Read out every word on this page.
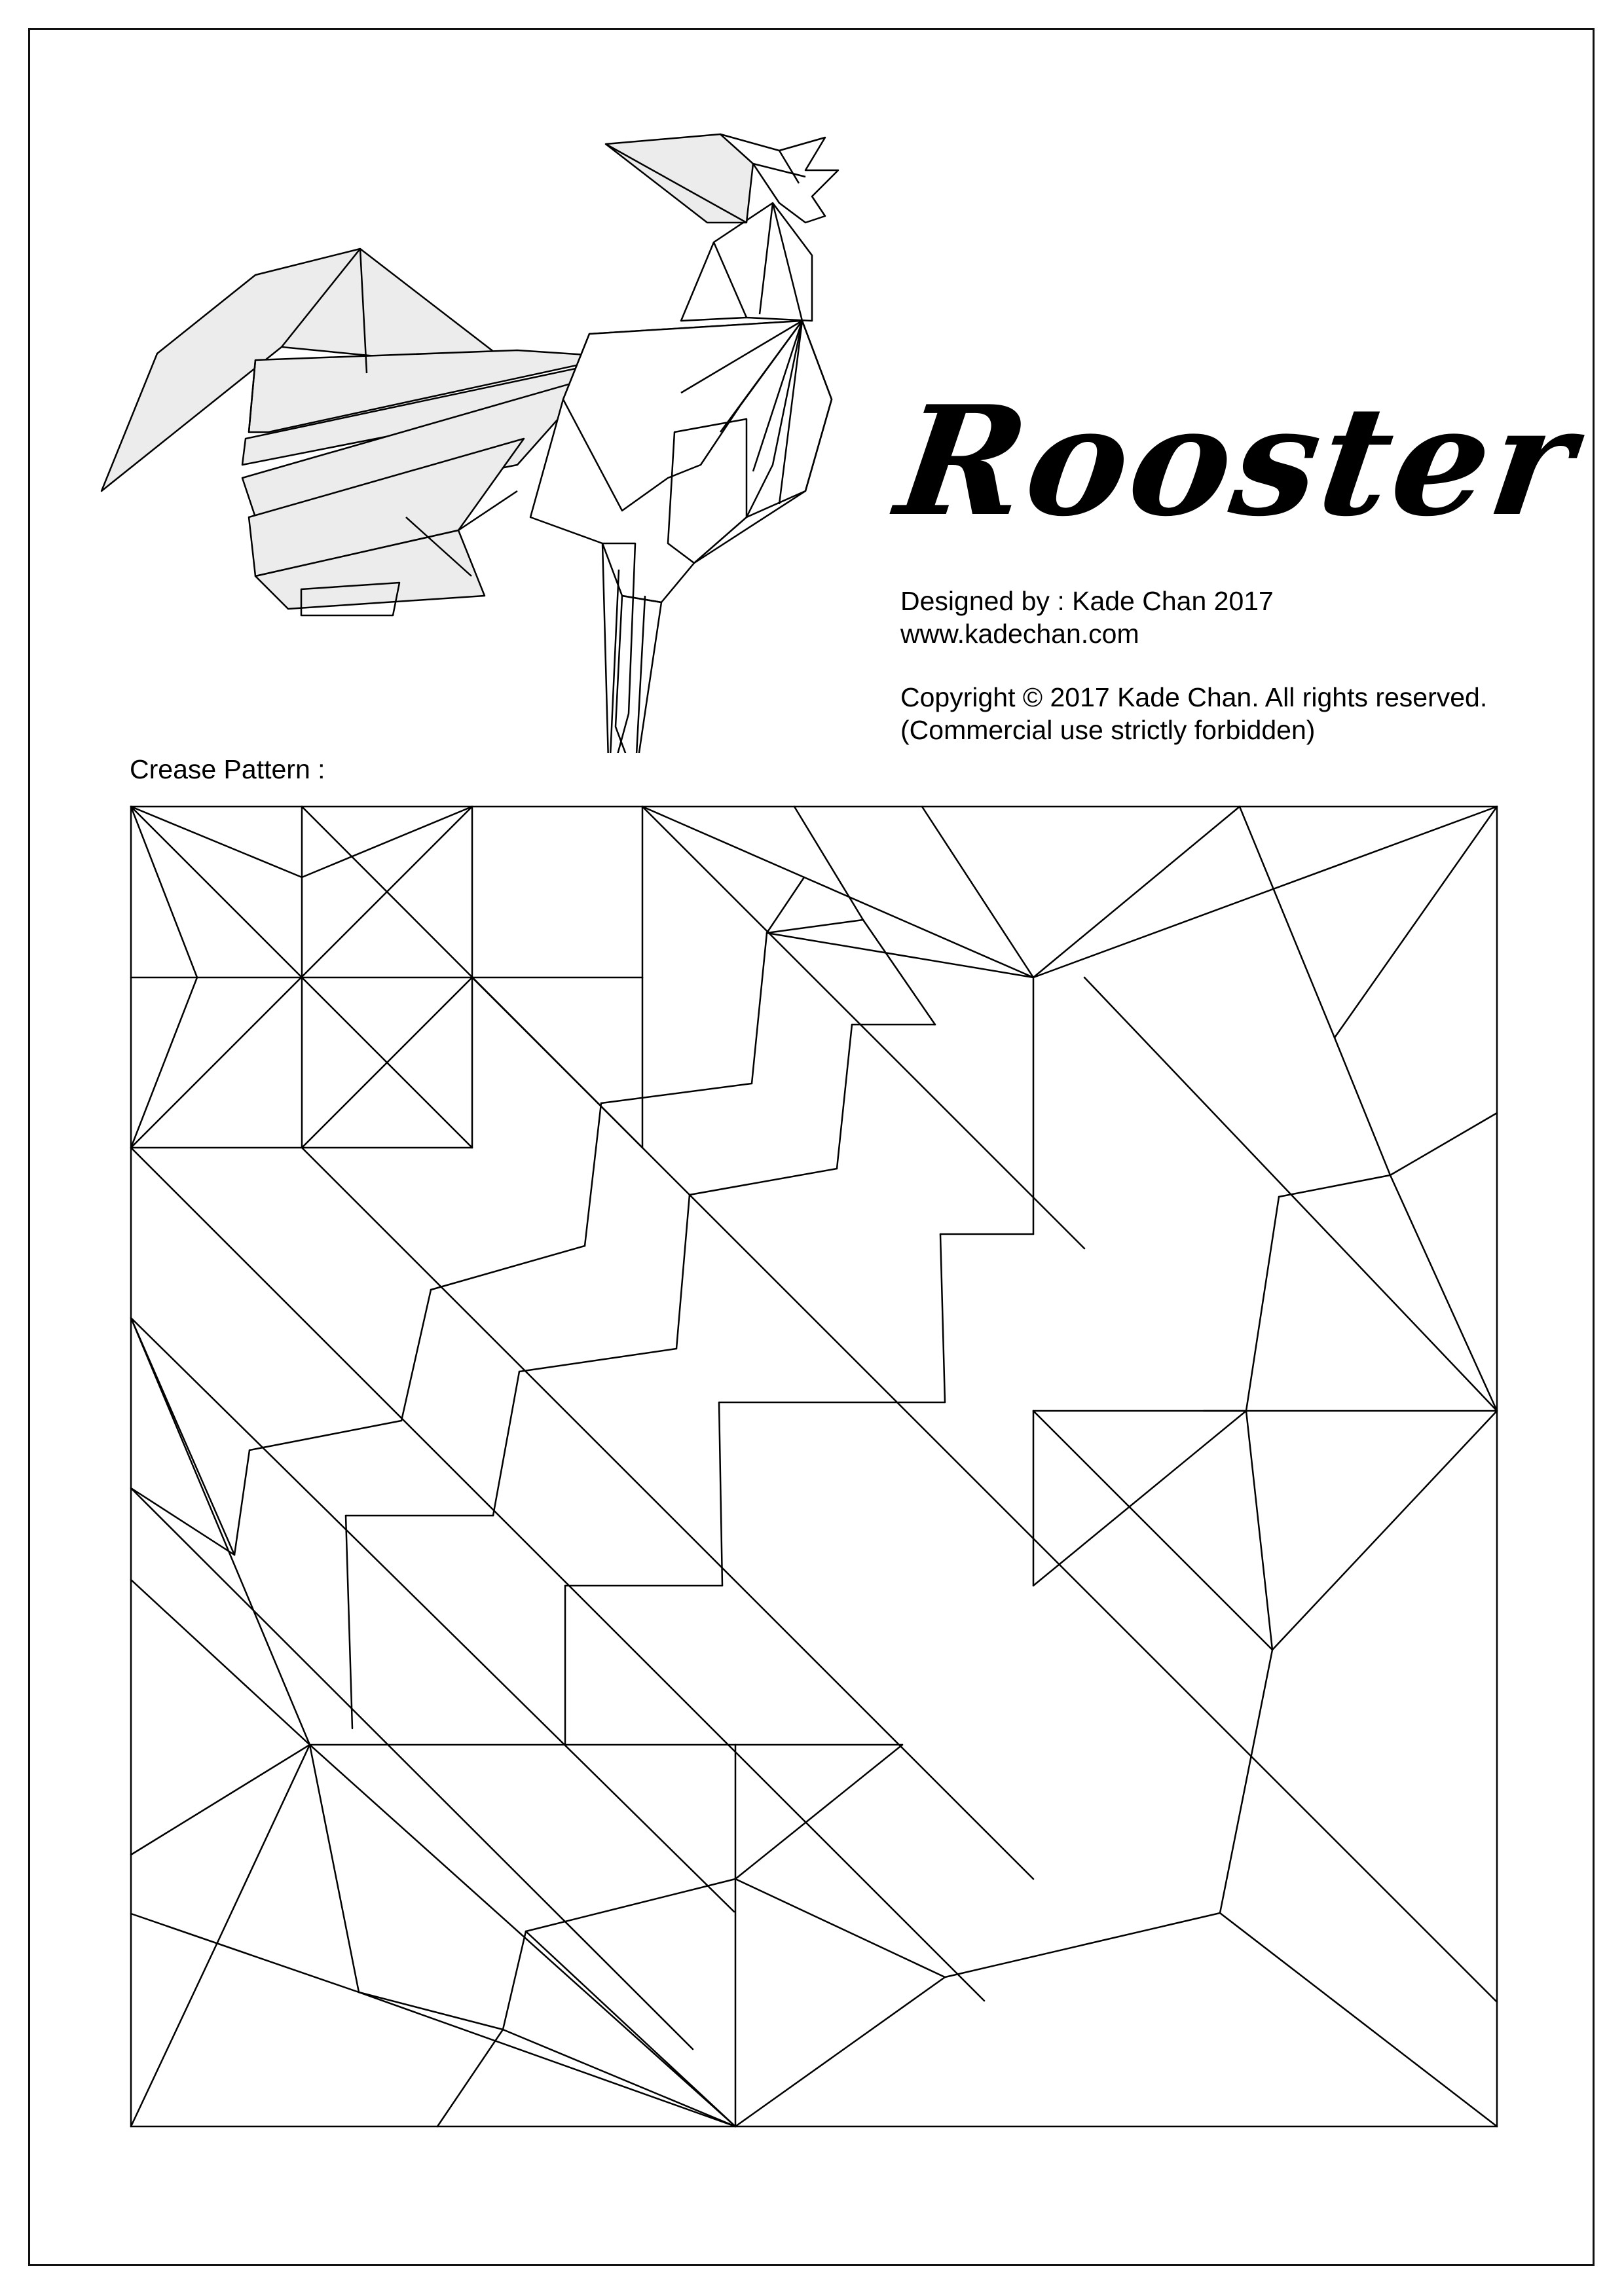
Rooster
Designed by : Kade Chan 2017
www.kadechan.com
Copyright © 2017 Kade Chan. All rights reserved.
(Commercial use strictly forbidden)
Crease Pattern :
